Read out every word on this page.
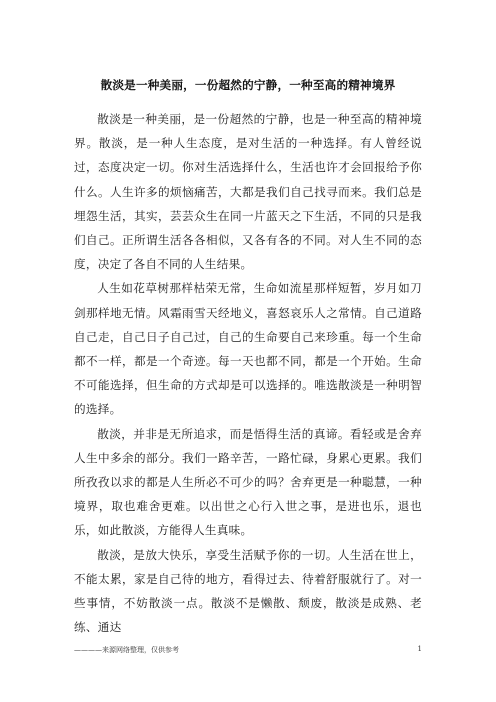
散淡是一种美丽，一份超然的宁静，一种至高的精神境界

散淡是一种美丽，是一份超然的宁静，也是一种至高的精神境界。散淡，是一种人生态度，是对生活的一种选择。有人曾经说过，态度决定一切。你对生活选择什么，生活也许才会回报给予你什么。人生许多的烦恼痛苦，大都是我们自己找寻而来。我们总是埋怨生活，其实，芸芸众生在同一片蓝天之下生活，不同的只是我们自己。正所谓生活各各相似，又各有各的不同。对人生不同的态度，决定了各自不同的人生结果。

人生如花草树那样枯荣无常，生命如流星那样短暂，岁月如刀剑那样地无情。风霜雨雪天经地义，喜怒哀乐人之常情。自己道路自己走，自己日子自己过，自己的生命要自己来珍重。每一个生命都不一样，都是一个奇迹。每一天也都不同，都是一个开始。生命不可能选择，但生命的方式却是可以选择的。唯选散淡是一种明智的选择。

散淡，并非是无所追求，而是悟得生活的真谛。看轻或是舍弃人生中多余的部分。我们一路辛苦，一路忙碌，身累心更累。我们所孜孜以求的都是人生所必不可少的吗？舍弃更是一种聪慧，一种境界，取也难舍更难。以出世之心行入世之事，是进也乐，退也乐，如此散淡，方能得人生真味。

散淡，是放大快乐，享受生活赋予你的一切。人生活在世上，不能太累，家是自己待的地方，看得过去、待着舒服就行了。对一些事情，不妨散淡一点。散淡不是懒散、颓废，散淡是成熟、老练、通达

————来源网络整理，仅供参考	1
